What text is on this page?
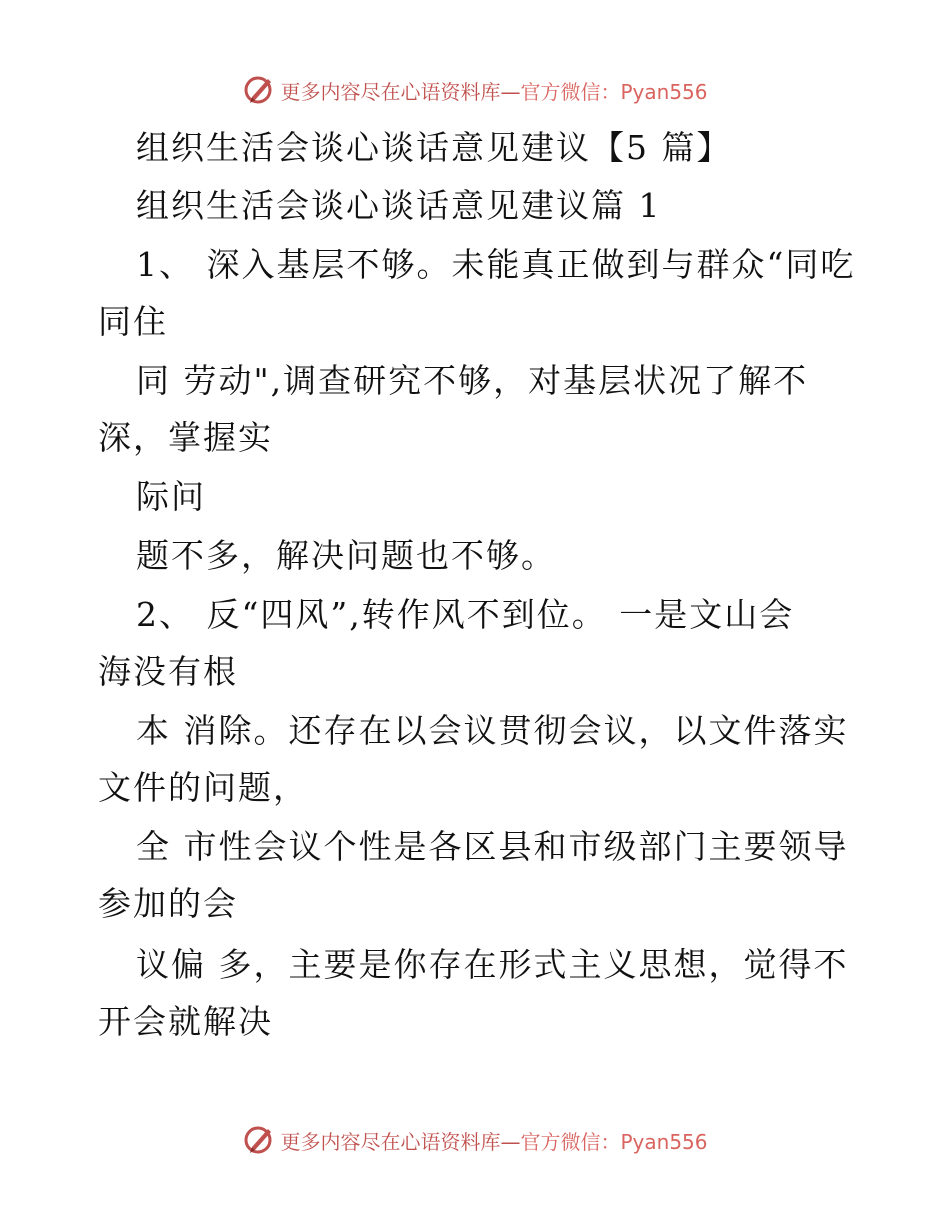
更多内容尽在心语资料库—官方微信：Pyan556
组织生活会谈心谈话意见建议【5 篇】
组织生活会谈心谈话意见建议篇 1
1、 深入基层不够。未能真正做到与群众“同吃
同住
同 劳动",调查研究不够，对基层状况了解不
深，掌握实
际问
题不多，解决问题也不够。
2、 反“四风”,转作风不到位。 一是文山会
海没有根
本 消除。还存在以会议贯彻会议，以文件落实
文件的问题，
全 市性会议个性是各区县和市级部门主要领导
参加的会
议偏 多，主要是你存在形式主义思想，觉得不
开会就解决
更多内容尽在心语资料库—官方微信：Pyan556
